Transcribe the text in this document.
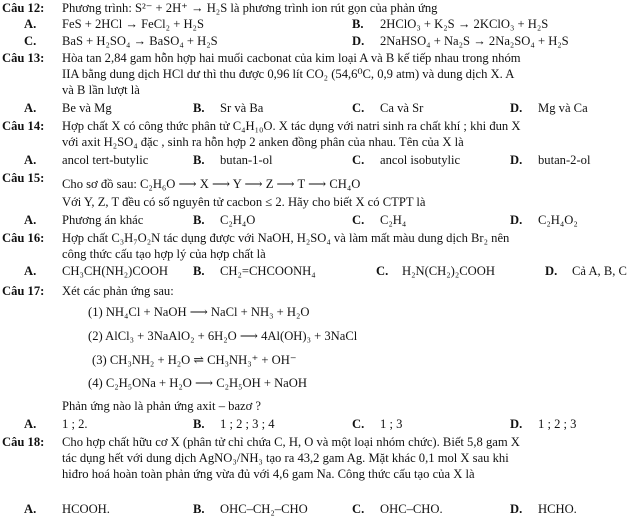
Câu 12: Phương trình: S²⁻ + 2H⁺ → H₂S là phương trình ion rút gọn của phản ứng
A. FeS + 2HCl → FeCl₂ + H₂S	B. 2HClO₃ + K₂S → 2KClO₃ + H₂S
C. BaS + H₂SO₄ → BaSO₄ + H₂S	D. 2NaHSO₄ + Na₂S → 2Na₂SO₄ + H₂S
Câu 13: Hòa tan 2,84 gam hỗn hợp hai muối cacbonat của kim loại A và B kế tiếp nhau trong nhóm
IIA bằng dung dịch HCl dư thì thu được 0,96 lít CO₂ (54,6⁰C, 0,9 atm) và dung dịch X. A
và B lần lượt là
A. Be và Mg	B. Sr và Ba	C. Ca và Sr	D. Mg và Ca
Câu 14: Hợp chất X có công thức phân tử C₄H₁₀O. X tác dụng với natri sinh ra chất khí ; khi đun X
với axit H₂SO₄ đặc , sinh ra hỗn hợp 2 anken đồng phân của nhau. Tên của X là
A. ancol tert-butylic	B. butan-1-ol	C. ancol isobutylic	D. butan-2-ol
Câu 15: Cho sơ đồ sau: C₂H₆O ⟶ X ⟶ Y ⟶ Z ⟶ T ⟶ CH₄O
Với Y, Z, T đều có số nguyên tử cacbon ≤ 2. Hãy cho biết X có CTPT là
A. Phương án khác	B. C₂H₄O	C. C₂H₄	D. C₂H₄O₂
Câu 16: Hợp chất C₃H₇O₂N tác dụng được với NaOH, H₂SO₄ và làm mất màu dung dịch Br₂ nên
công thức cấu tạo hợp lý của hợp chất là
A. CH₃CH(NH₂)COOH B. CH₂=CHCOONH₄	C. H₂N(CH₂)₂COOH	D. Cả A, B, C
Câu 17: Xét các phản ứng sau:
(1) NH₄Cl + NaOH ⟶ NaCl + NH₃ + H₂O
(2) AlCl₃ + 3NaAlO₂ + 6H₂O ⟶ 4Al(OH)₃ + 3NaCl
(3) CH₃NH₂ + H₂O ⇌ CH₃NH₃⁺ + OH⁻
(4) C₂H₅ONa + H₂O ⟶ C₂H₅OH + NaOH
Phản ứng nào là phản ứng axit – bazơ ?
A. 1 ; 2.	B. 1 ; 2 ; 3 ; 4	C. 1 ; 3	D. 1 ; 2 ; 3
Câu 18: Cho hợp chất hữu cơ X (phân tử chỉ chứa C, H, O và một loại nhóm chức). Biết 5,8 gam X
tác dụng hết với dung dịch AgNO₃/NH₃ tạo ra 43,2 gam Ag. Mặt khác 0,1 mol X sau khi
hiđro hoá hoàn toàn phản ứng vừa đủ với 4,6 gam Na. Công thức cấu tạo của X là
A. HCOOH.	B. OHC–CH₂–CHO	C. OHC–CHO.	D. HCHO.
